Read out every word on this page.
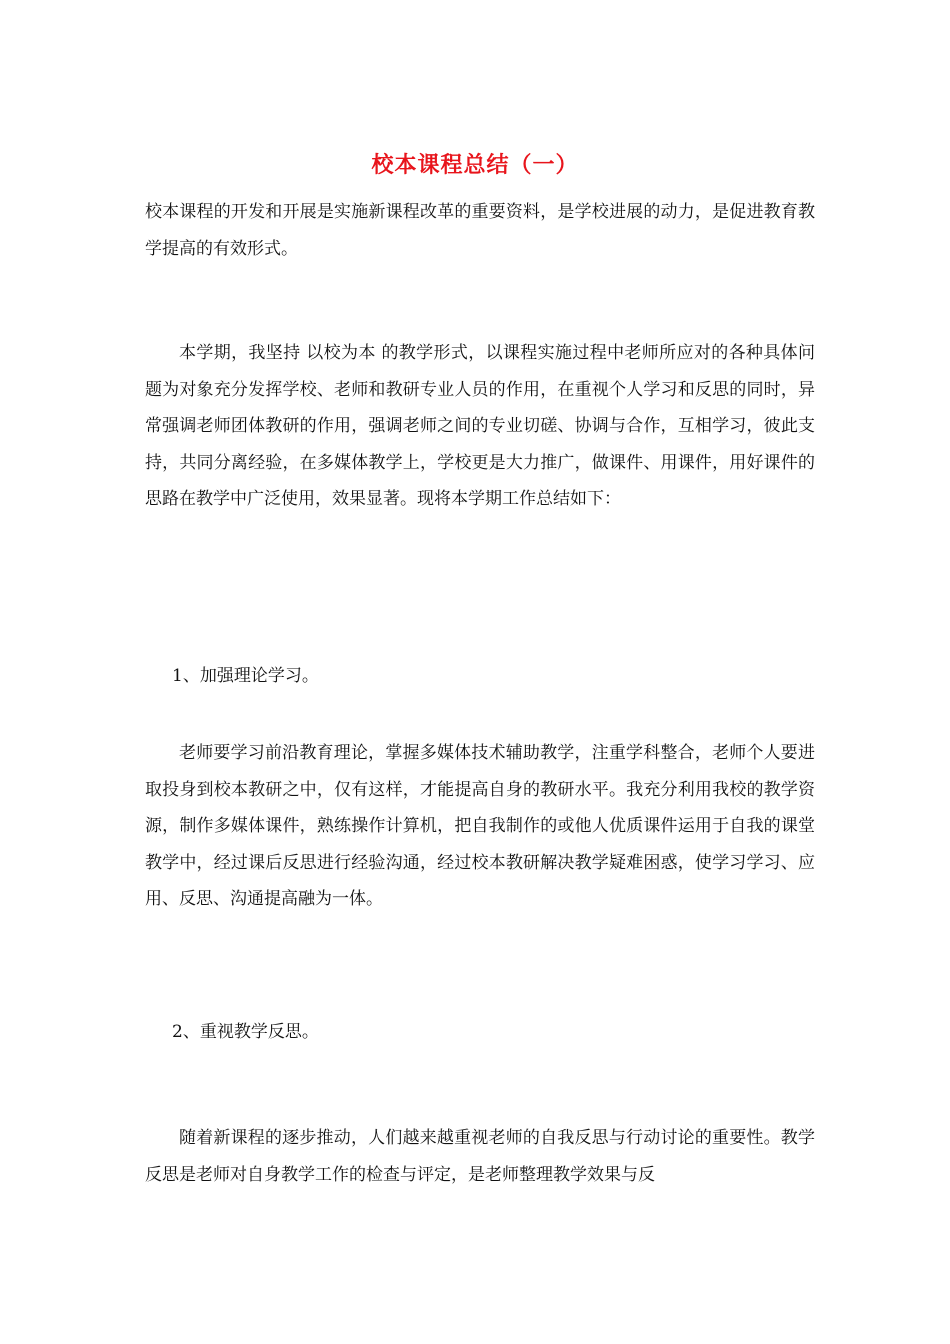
校本课程总结（一）

校本课程的开发和开展是实施新课程改革的重要资料，是学校进展的动力，是促进教育教学提高的有效形式。

本学期，我坚持 以校为本 的教学形式，以课程实施过程中老师所应对的各种具体问题为对象充分发挥学校、老师和教研专业人员的作用，在重视个人学习和反思的同时，异常强调老师团体教研的作用，强调老师之间的专业切磋、协调与合作，互相学习，彼此支持，共同分离经验，在多媒体教学上，学校更是大力推广，做课件、用课件，用好课件的思路在教学中广泛使用，效果显著。现将本学期工作总结如下：

1、加强理论学习。

老师要学习前沿教育理论，掌握多媒体技术辅助教学，注重学科整合，老师个人要进取投身到校本教研之中，仅有这样，才能提高自身的教研水平。我充分利用我校的教学资源，制作多媒体课件，熟练操作计算机，把自我制作的或他人优质课件运用于自我的课堂教学中，经过课后反思进行经验沟通，经过校本教研解决教学疑难困惑，使学习学习、应用、反思、沟通提高融为一体。

2、重视教学反思。

随着新课程的逐步推动，人们越来越重视老师的自我反思与行动讨论的重要性。教学反思是老师对自身教学工作的检查与评定，是老师整理教学效果与反
